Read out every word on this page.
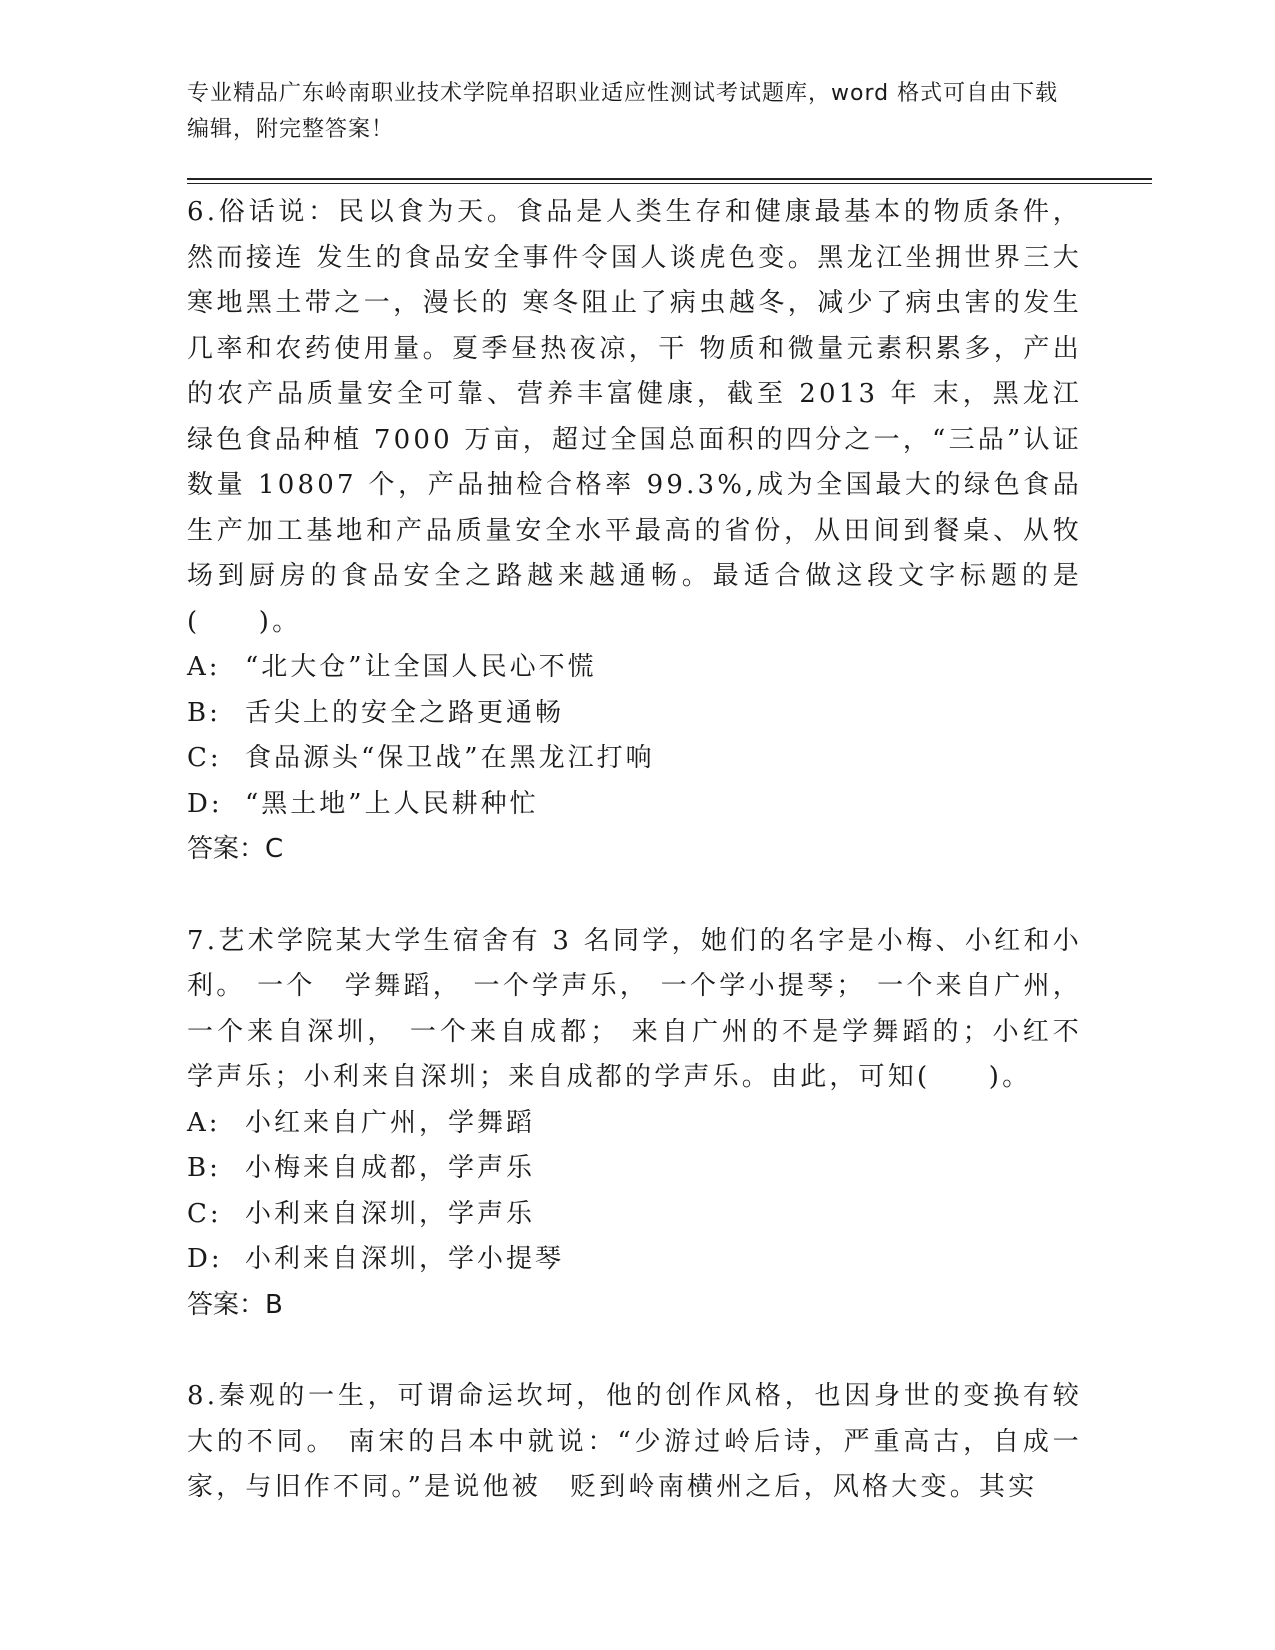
专业精品广东岭南职业技术学院单招职业适应性测试考试题库，word 格式可自由下载编辑，附完整答案！

6.俗话说：民以食为天。食品是人类生存和健康最基本的物质条件，然而接连 发生的食品安全事件令国人谈虎色变。黑龙江坐拥世界三大寒地黑土带之一，漫长的 寒冬阻止了病虫越冬，减少了病虫害的发生几率和农药使用量。夏季昼热夜凉，干 物质和微量元素积累多，产出的农产品质量安全可靠、营养丰富健康，截至 2013 年 末，黑龙江绿色食品种植 7000 万亩，超过全国总面积的四分之一，“三品”认证数量 10807 个，产品抽检合格率 99.3%,成为全国最大的绿色食品生产加工基地和产品质量安全水平最高的省份，从田间到餐桌、从牧场到厨房的食品安全之路越来越通畅。最适合做这段文字标题的是(　　)。

A: “北大仓”让全国人民心不慌

B: 舌尖上的安全之路更通畅

C: 食品源头“保卫战”在黑龙江打响

D: “黑土地”上人民耕种忙

答案：C

7.艺术学院某大学生宿舍有 3 名同学，她们的名字是小梅、小红和小利。 一个　学舞蹈， 一个学声乐， 一个学小提琴； 一个来自广州， 一个来自深圳， 一个来自成都； 来自广州的不是学舞蹈的；小红不学声乐；小利来自深圳；来自成都的学声乐。由此，可知(　　)。

A: 小红来自广州，学舞蹈

B: 小梅来自成都，学声乐

C: 小利来自深圳，学声乐

D: 小利来自深圳，学小提琴

答案：B

8.秦观的一生，可谓命运坎坷，他的创作风格，也因身世的变换有较大的不同。 南宋的吕本中就说：“少游过岭后诗，严重高古，自成一家，与旧作不同。”是说他被　贬到岭南横州之后，风格大变。其实
